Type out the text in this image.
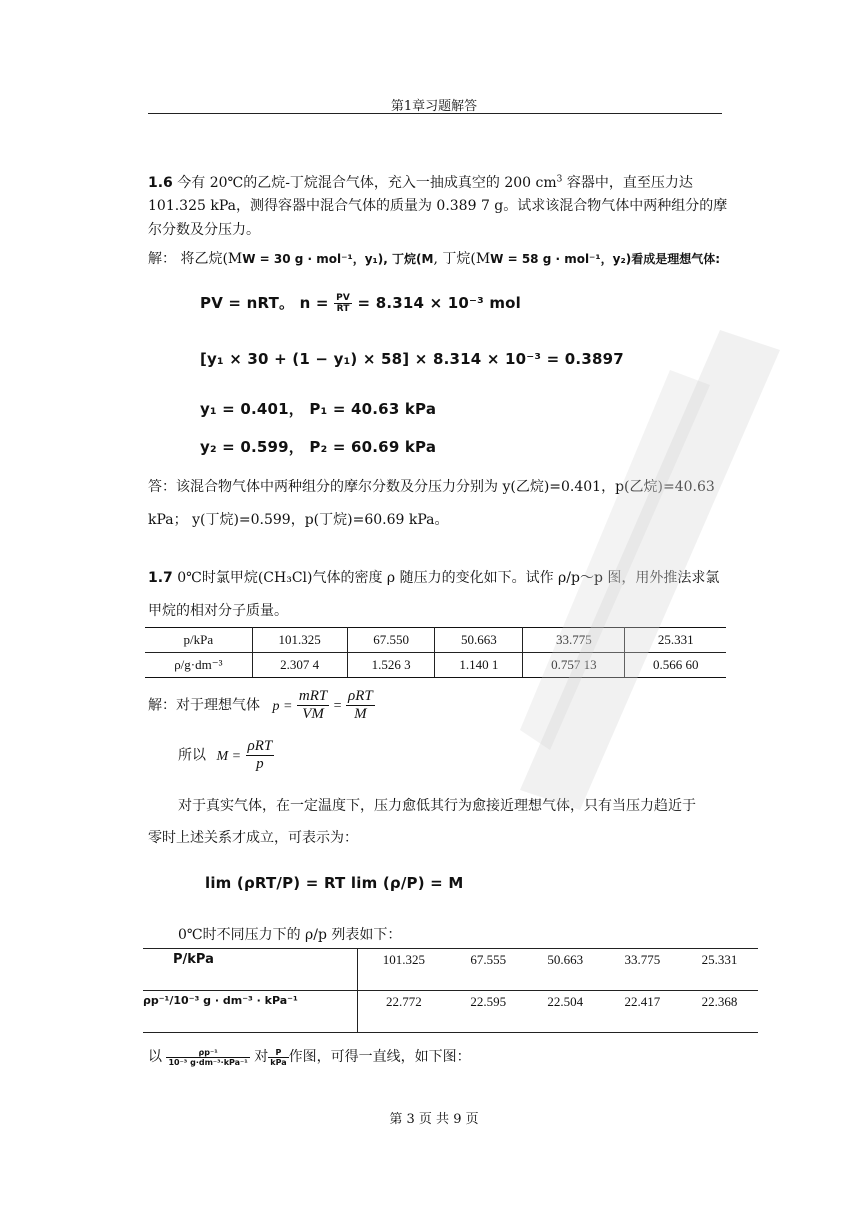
第1章习题解答
1.6 今有 20℃的乙烷-丁烷混合气体，充入一抽成真空的 200 $cm^3$ 容器中，直至压力达
101.325 kPa，测得容器中混合气体的质量为 0.389 7 g。试求该混合物气体中两种组分的摩
尔分数及分压力。
解： 将乙烷(MW = 30 g · mol⁻¹，y₁), 丁烷(M, 丁烷(MW = 58 g · mol⁻¹，y₂)看成是理想气体:
PV = nRT。 $n = \frac{PV}{RT} = 8.314 \times 10^{-3}$ mol
[y₁ × 30 + (1 − y₁) × 58] × 8.314 × 10⁻³ = 0.3897
y₁ = 0.401， P₁ = 40.63 kPa
y₂ = 0.599， P₂ = 60.69 kPa
答：该混合物气体中两种组分的摩尔分数及分压力分别为 y(乙烷)=0.401，p(乙烷)=40.63
kPa； y(丁烷)=0.599，p(丁烷)=60.69 kPa。
1.7 0℃时氯甲烷(CH₃Cl)气体的密度 ρ 随压力的变化如下。试作 ρ/p～p 图，用外推法求氯
甲烷的相对分子质量。
p/kPa	101.325	67.550	50.663	33.775	25.331
ρ/g·dm⁻³	2.307 4	1.526 3	1.140 1	0.757 13	0.566 60
解：对于理想气体 $p = \frac{\text{mRT}}{VM} = \frac{\text{ρRT}}{M}$
所以 $M = \frac{\text{ρRT}}{p}$
对于真实气体，在一定温度下，压力愈低其行为愈接近理想气体，只有当压力趋近于
零时上述关系才成立，可表示为：
lim (ρRT/P) = RT lim (ρ/P) = M
0℃时不同压力下的 ρ/p 列表如下：
P/kPa	101.325	67.555	50.663	33.775	25.331
ρp⁻¹/10⁻³ g · dm⁻³ · kPa⁻¹	22.772	22.595	22.504	22.417	22.368
以 $\frac{\text{ρp⁻¹}}{\text{10⁻³ g·dm⁻³·kPa⁻¹}}$ 对 $\frac{P}{\text{kPa}}$ 作图，可得一直线，如下图：
第 3 页 共 9 页
